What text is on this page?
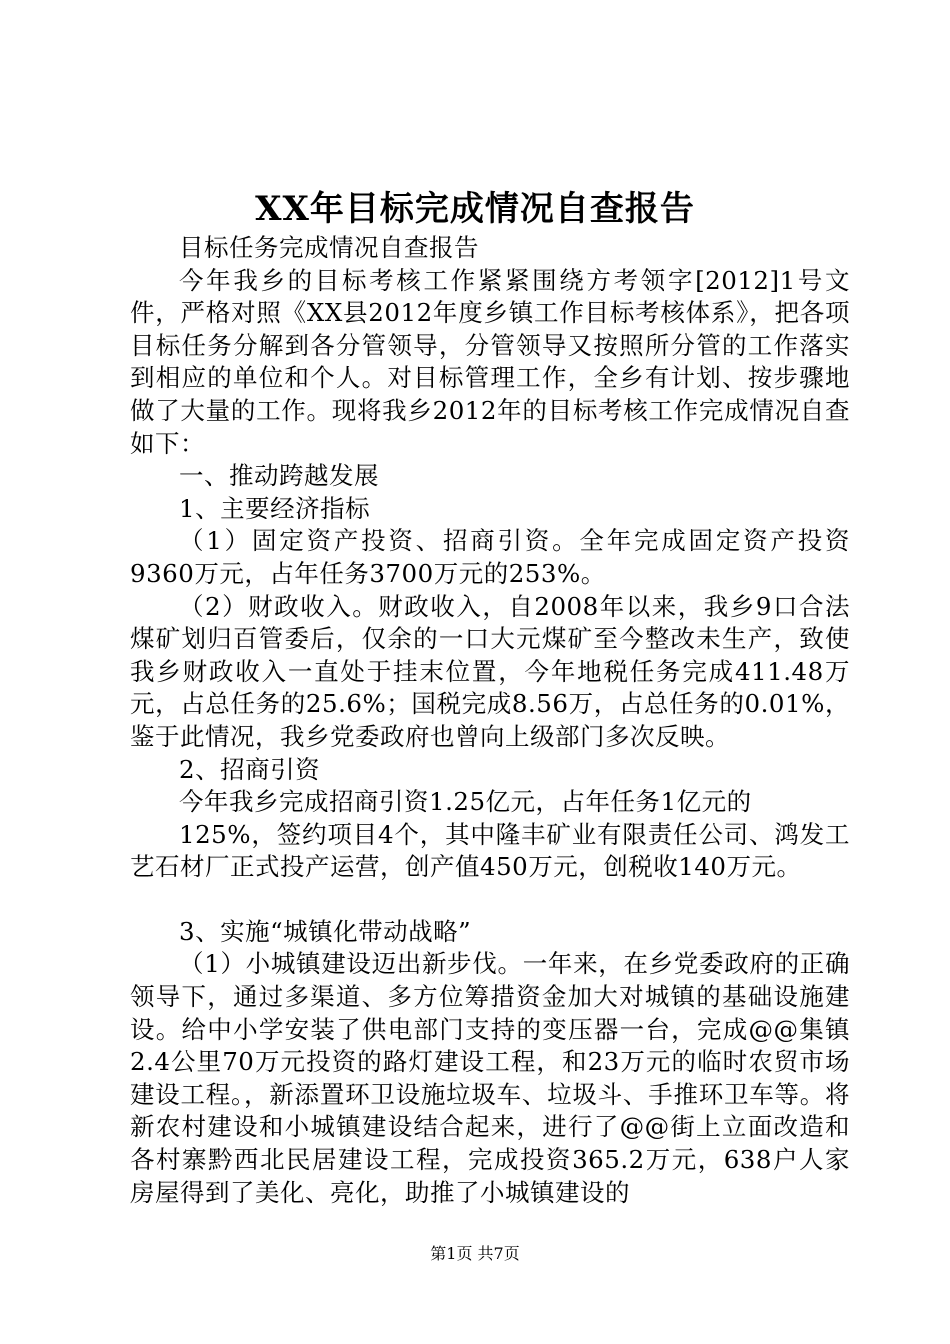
XX年目标完成情况自查报告

目标任务完成情况自查报告

今年我乡的目标考核工作紧紧围绕方考领字[2012]1号文件，严格对照《XX县2012年度乡镇工作目标考核体系》，把各项目标任务分解到各分管领导，分管领导又按照所分管的工作落实到相应的单位和个人。对目标管理工作，全乡有计划、按步骤地做了大量的工作。现将我乡2012年的目标考核工作完成情况自查如下：

一、推动跨越发展

1、主要经济指标

（1）固定资产投资、招商引资。全年完成固定资产投资9360万元，占年任务3700万元的253%。

（2）财政收入。财政收入，自2008年以来，我乡9口合法煤矿划归百管委后，仅余的一口大元煤矿至今整改未生产，致使我乡财政收入一直处于挂末位置，今年地税任务完成411.48万元，占总任务的25.6%；国税完成8.56万，占总任务的0.01%，鉴于此情况，我乡党委政府也曾向上级部门多次反映。

2、招商引资

今年我乡完成招商引资1.25亿元，占年任务1亿元的

125%，签约项目4个，其中隆丰矿业有限责任公司、鸿发工艺石材厂正式投产运营，创产值450万元，创税收140万元。

3、实施“城镇化带动战略”

（1）小城镇建设迈出新步伐。一年来，在乡党委政府的正确领导下，通过多渠道、多方位筹措资金加大对城镇的基础设施建设。给中小学安装了供电部门支持的变压器一台，完成@@集镇2.4公里70万元投资的路灯建设工程，和23万元的临时农贸市场建设工程。，新添置环卫设施垃圾车、垃圾斗、手推环卫车等。将新农村建设和小城镇建设结合起来，进行了@@街上立面改造和各村寨黔西北民居建设工程，完成投资365.2万元，638户人家房屋得到了美化、亮化，助推了小城镇建设的

第1页 共7页
